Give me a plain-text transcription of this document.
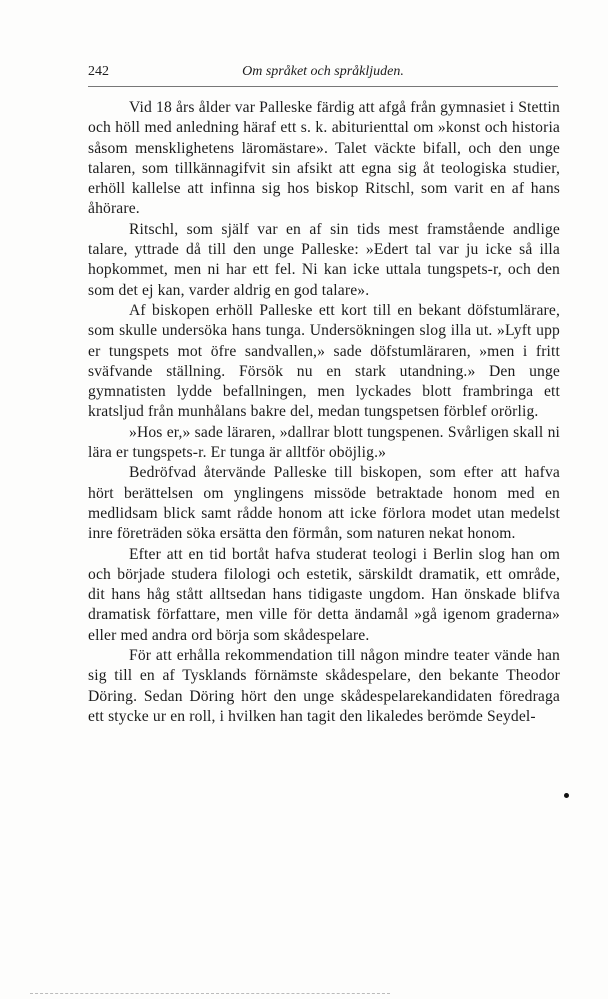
242	Om språket och språkljuden.

Vid 18 års ålder var Palleske färdig att afgå från gymnasiet i Stettin och höll med anledning häraf ett s. k. abiturienttal om »konst och historia såsom mensklighetens läromästare». Talet väckte bifall, och den unge talaren, som tillkännagifvit sin afsikt att egna sig åt teologiska studier, erhöll kallelse att infinna sig hos biskop Ritschl, som varit en af hans åhörare.

Ritschl, som själf var en af sin tids mest framstående andlige talare, yttrade då till den unge Palleske: »Edert tal var ju icke så illa hopkommet, men ni har ett fel. Ni kan icke uttala tungspets-r, och den som det ej kan, varder aldrig en god talare».

Af biskopen erhöll Palleske ett kort till en bekant döfstumlärare, som skulle undersöka hans tunga. Undersökningen slog illa ut. »Lyft upp er tungspets mot öfre sandvallen,» sade döfstumläraren, »men i fritt sväfvande ställning. Försök nu en stark utandning.» Den unge gymnatisten lydde befallningen, men lyckades blott frambringa ett kratsljud från munhålans bakre del, medan tungspetsen förblef orörlig.

»Hos er,» sade läraren, »dallrar blott tungspenen. Svårligen skall ni lära er tungspets-r. Er tunga är alltför oböjlig.»

Bedröfvad återvände Palleske till biskopen, som efter att hafva hört berättelsen om ynglingens missöde betraktade honom med en medlidsam blick samt rådde honom att icke förlora modet utan medelst inre företräden söka ersätta den förmån, som naturen nekat honom.

Efter att en tid bortåt hafva studerat teologi i Berlin slog han om och började studera filologi och estetik, särskildt dramatik, ett område, dit hans håg stått alltsedan hans tidigaste ungdom. Han önskade blifva dramatisk författare, men ville för detta ändamål »gå igenom graderna» eller med andra ord börja som skådespelare.

För att erhålla rekommendation till någon mindre teater vände han sig till en af Tysklands förnämste skådespelare, den bekante Theodor Döring. Sedan Döring hört den unge skådespelarekandidaten föredraga ett stycke ur en roll, i hvilken han tagit den likaledes berömde Seydel-
